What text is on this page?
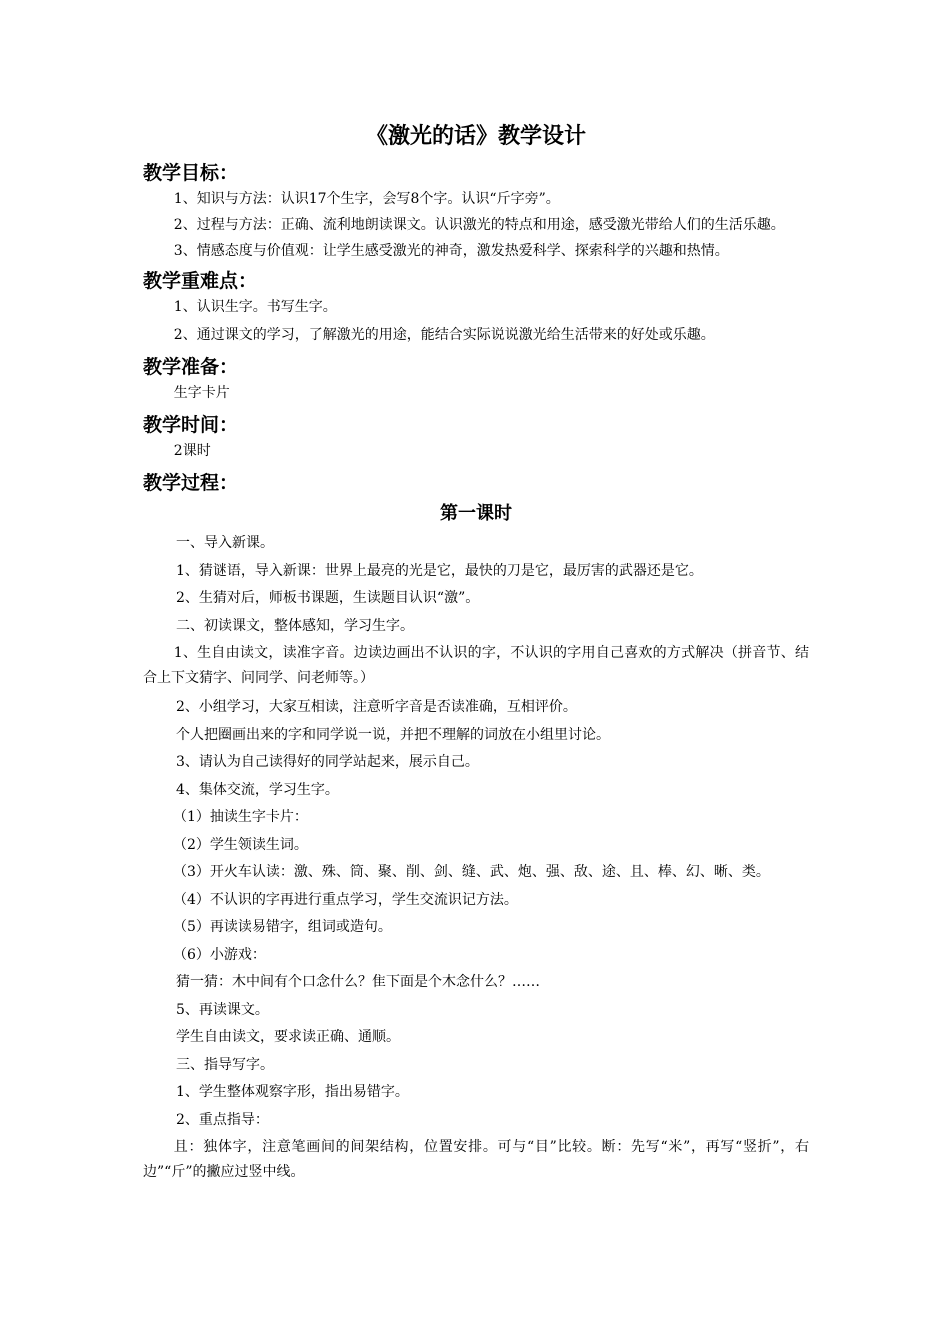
《激光的话》教学设计
教学目标：
1、知识与方法：认识17个生字，会写8个字。认识“斤字旁”。
2、过程与方法：正确、流利地朗读课文。认识激光的特点和用途，感受激光带给人们的生活乐趣。
3、情感态度与价值观：让学生感受激光的神奇，激发热爱科学、探索科学的兴趣和热情。
教学重难点：
1、认识生字。书写生字。
2、通过课文的学习，了解激光的用途，能结合实际说说激光给生活带来的好处或乐趣。
教学准备：
生字卡片
教学时间：
2课时
教学过程：
第一课时
一、导入新课。
1、猜谜语，导入新课：世界上最亮的光是它，最快的刀是它，最厉害的武器还是它。
2、生猜对后，师板书课题，生读题目认识“激”。
二、初读课文，整体感知，学习生字。
1、生自由读文，读准字音。边读边画出不认识的字，不认识的字用自己喜欢的方式解决（拼音节、结合上下文猜字、问同学、问老师等。）
2、小组学习，大家互相读，注意听字音是否读准确，互相评价。
个人把圈画出来的字和同学说一说，并把不理解的词放在小组里讨论。
3、请认为自己读得好的同学站起来，展示自己。
4、集体交流，学习生字。
（1）抽读生字卡片：
（2）学生领读生词。
（3）开火车认读：激、殊、筒、聚、削、剑、缝、武、炮、强、敌、途、且、棒、幻、晰、类。
（4）不认识的字再进行重点学习，学生交流识记方法。
（5）再读读易错字，组词或造句。
（6）小游戏：
猜一猜：木中间有个口念什么？隹下面是个木念什么？……
5、再读课文。
学生自由读文，要求读正确、通顺。
三、指导写字。
1、学生整体观察字形，指出易错字。
2、重点指导：
且：独体字，注意笔画间的间架结构，位置安排。可与“目”比较。断：先写“米”，再写“竖折”，右边”“斤”的撇应过竖中线。
